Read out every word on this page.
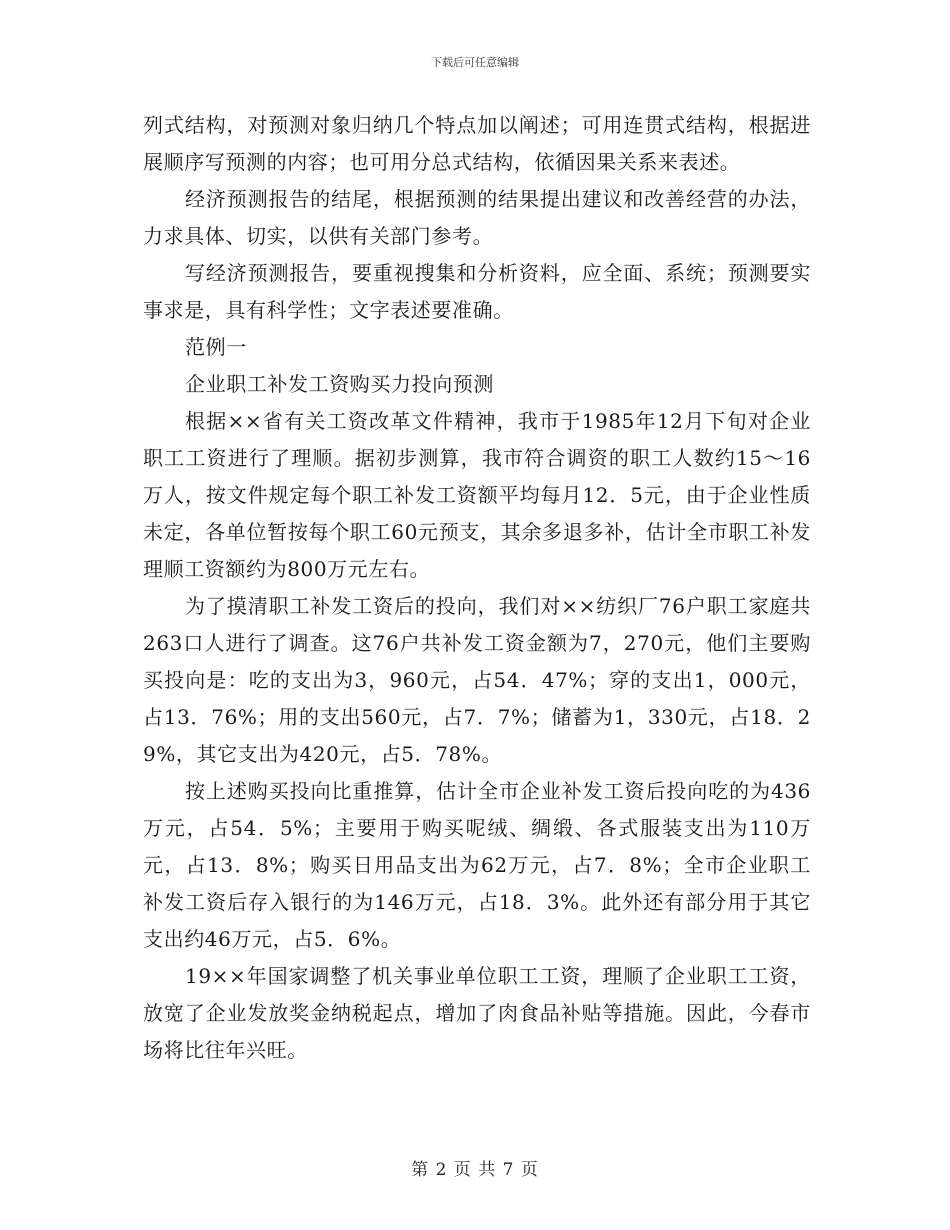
下载后可任意编辑

列式结构，对预测对象归纳几个特点加以阐述；可用连贯式结构，根据进展顺序写预测的内容；也可用分总式结构，依循因果关系来表述。

经济预测报告的结尾，根据预测的结果提出建议和改善经营的办法，力求具体、切实，以供有关部门参考。

写经济预测报告，要重视搜集和分析资料，应全面、系统；预测要实事求是，具有科学性；文字表述要准确。

范例一

企业职工补发工资购买力投向预测

根据××省有关工资改革文件精神，我市于1985年12月下旬对企业职工工资进行了理顺。据初步测算，我市符合调资的职工人数约15～16万人，按文件规定每个职工补发工资额平均每月12．5元，由于企业性质未定，各单位暂按每个职工60元预支，其余多退多补，估计全市职工补发理顺工资额约为800万元左右。

为了摸清职工补发工资后的投向，我们对××纺织厂76户职工家庭共263口人进行了调查。这76户共补发工资金额为7，270元，他们主要购买投向是：吃的支出为3，960元，占54．47%；穿的支出1，000元，占13．76%；用的支出560元，占7．7%；储蓄为1，330元，占18．29%，其它支出为420元，占5．78%。

按上述购买投向比重推算，估计全市企业补发工资后投向吃的为436万元，占54．5%；主要用于购买呢绒、绸缎、各式服装支出为110万元，占13．8%；购买日用品支出为62万元，占7．8%；全市企业职工补发工资后存入银行的为146万元，占18．3%。此外还有部分用于其它支出约46万元，占5．6%。

19××年国家调整了机关事业单位职工工资，理顺了企业职工工资，放宽了企业发放奖金纳税起点，增加了肉食品补贴等措施。因此，今春市场将比往年兴旺。

第 2 页 共 7 页
